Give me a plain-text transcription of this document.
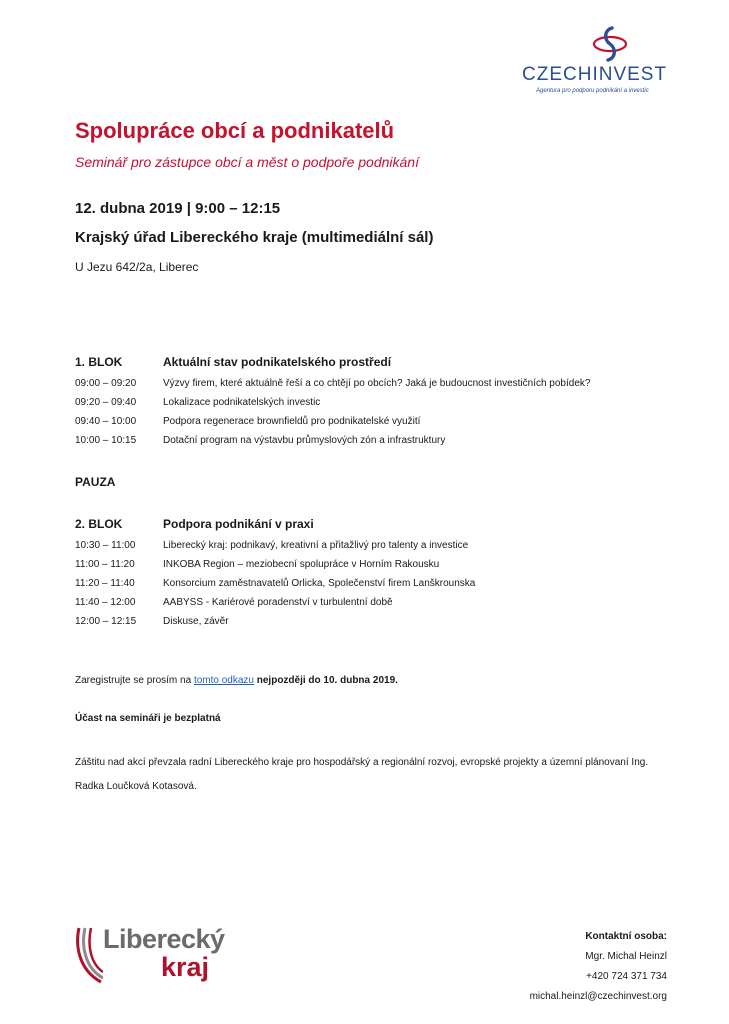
CZECHINVEST
Agentura pro podporu podnikání a investic
Spolupráce obcí a podnikatelů
Seminář pro zástupce obcí a měst o podpoře podnikání
12. dubna 2019 | 9:00 – 12:15
Krajský úřad Libereckého kraje (multimediální sál)
U Jezu 642/2a, Liberec
1. BLOK	Aktuální stav podnikatelského prostředí
09:00 – 09:20	Výzvy firem, které aktuálně řeší a co chtějí po obcích? Jaká je budoucnost investičních pobídek?
09:20 – 09:40	Lokalizace podnikatelských investic
09:40 – 10:00	Podpora regenerace brownfieldů pro podnikatelské využití
10:00 – 10:15	Dotační program na výstavbu průmyslových zón a infrastruktury
PAUZA
2. BLOK	Podpora podnikání v praxi
10:30 – 11:00	Liberecký kraj: podnikavý, kreativní a přitažlivý pro talenty a investice
11:00 – 11:20	INKOBA Region – meziobecní spolupráce v Horním Rakousku
11:20 – 11:40	Konsorcium zaměstnavatelů Orlicka, Společenství firem Lanškrounska
11:40 – 12:00	AABYSS - Kariérové poradenství v turbulentní době
12:00 – 12:15	Diskuse, závěr
Zaregistrujte se prosím na tomto odkazu nejpozději do 10. dubna 2019.
Účast na semináři je bezplatná
Záštitu nad akcí převzala radní Libereckého kraje pro hospodářský a regionální rozvoj, evropské projekty a územní plánovaní Ing. Radka Loučková Kotasová.
Liberecký
kraj
Kontaktní osoba:
Mgr. Michal Heinzl
+420 724 371 734
michal.heinzl@czechinvest.org
